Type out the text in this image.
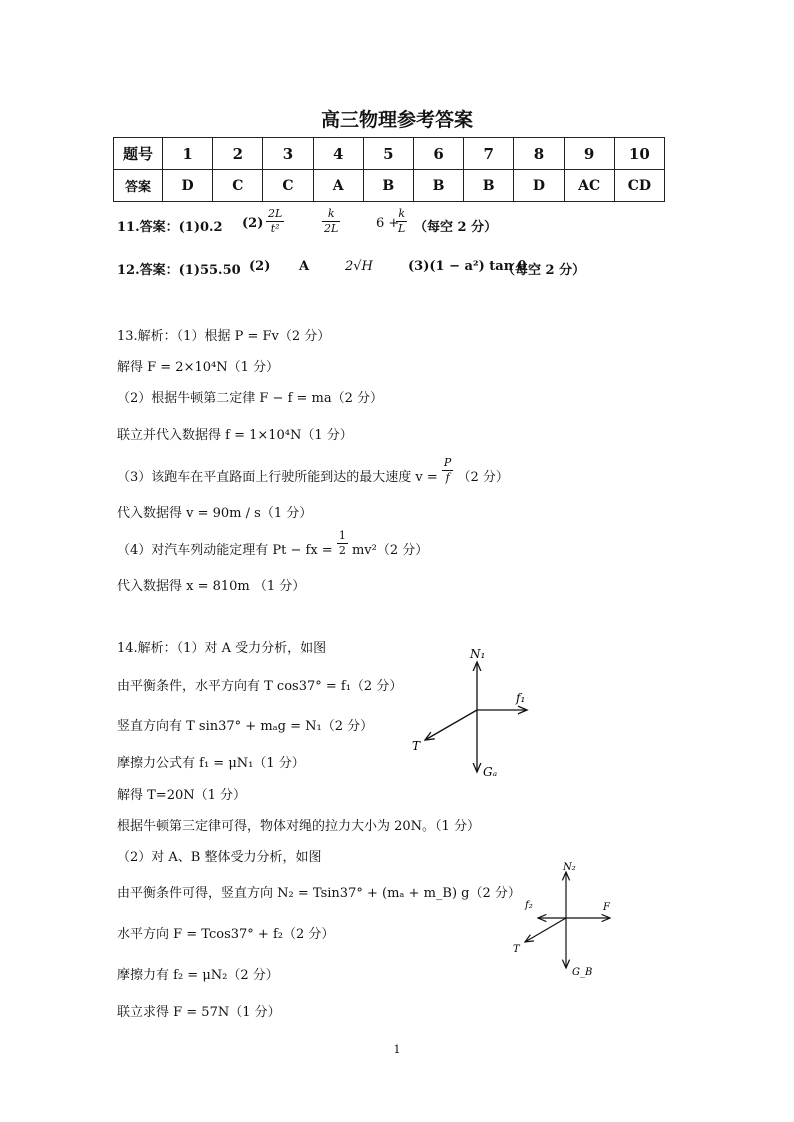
高三物理参考答案
题号	1	2	3	4	5	6	7	8	9	10
答案	D	C	C	A	B	B	B	D	AC	CD
11.答案：(1)0.2 $(2) \frac{2L}{\text{t²}}$	$\frac{k}{2L}$	6 +
$\frac{k}{L}$ （每空 2 分）
12.答案：(1)55.50 (2) A	2√H	(3)(1 − a²) tan θ
（每空 2 分）
13.解析：（1）根据 P = Fv（2 分）
解得 F = 2×10⁴N（1 分）
（2）根据牛顿第二定律 F − f = ma（2 分）
联立并代入数据得 f = 1×10⁴N（1 分）
（3）该跑车在平直路面上行驶所能到达的最大速度 $v = \frac{P}{f} (2$ 分）
代入数据得 v = 90m / s（1 分）
（4）对汽车列动能定理有 Pt − fx = $\frac{1}{2} mv^2(2$ 分）
代入数据得 x = 810m （1 分）
14.解析：（1）对 A 受力分析，如图
由平衡条件，水平方向有 T cos37° = f₁（2 分）
竖直方向有 T sin37° + mₐg = N₁（2 分）
摩擦力公式有 f₁ = μN₁（1 分）
解得 T=20N（1 分）
根据牛顿第三定律可得，物体对绳的拉力大小为 20N。（1 分）
（2）对 A、B 整体受力分析，如图
由平衡条件可得，竖直方向 N₂ = Tsin37° + (mₐ + m_B) g（2 分）
水平方向 F = Tcos37° + f₂（2 分）
摩擦力有 f₂ = μN₂（2 分）
联立求得 F = 57N（1 分）
N₁
f₁
T
Gₐ
N₂
f₂	F
T
G_B
1
